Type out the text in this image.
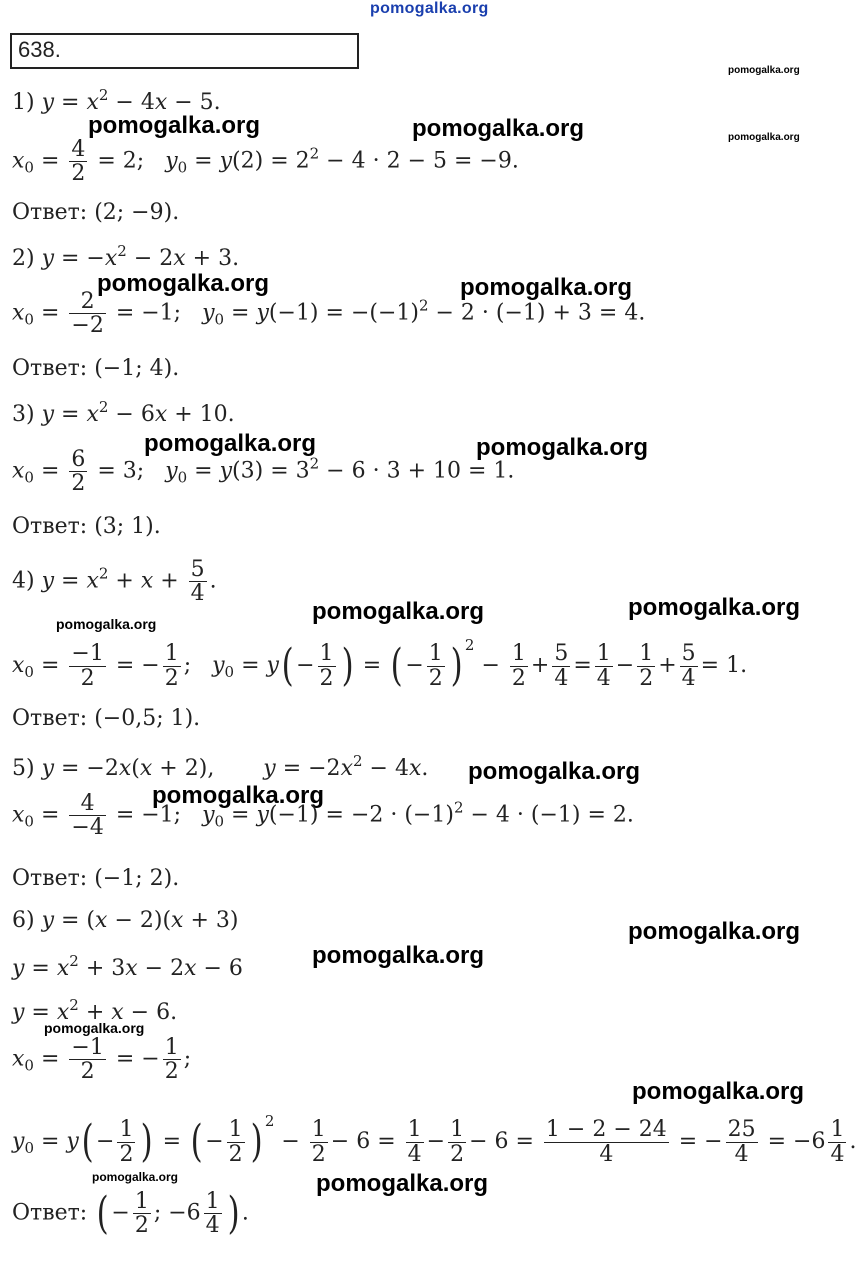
pomogalka.org
638.
pomogalka.org	pomogalka.org
pomogalka.org
pomogalka.org
pomogalka.org	pomogalka.org
pomogalka.org	pomogalka.org
pomogalka.org	pomogalka.org
pomogalka.org
pomogalka.org
pomogalka.org
pomogalka.org
pomogalka.org
pomogalka.org
pomogalka.org
pomogalka.org	pomogalka.org
1) $y = x^2 - 4x - 5$.
$x_0 = \frac{4}{2} = 2$;   $y_0 = y(2) = 2^2 - 4 \cdot 2 - 5 = -9$.
Ответ: (2; −9).
2) $y = -x^2 - 2x + 3$.
$x_0 = \frac{2}{-2} = -1$;   $y_0 = y(-1) = -(-1)^2 - 2 \cdot (-1) + 3 = 4$.
Ответ: (−1; 4).
3) $y = x^2 - 6x + 10$.
$x_0 = \frac{6}{2} = 3$;   $y_0 = y(3) = 3^2 - 6 \cdot 3 + 10 = 1$.
Ответ: (3; 1).
4) $y = x^2 + x + \frac{5}{4}$ .
$x_0 = \frac{-1}{2}$ = − $\frac{1}{2}$ ;   $y_0 = y( - \frac{1}{2}$ ) = ( − $\frac{1}{2}$ ) $^2 - \frac{1}{2} + \frac{5}{4} = \frac{1}{4} - \frac{1}{2} + \frac{5}{4} = 1$.
Ответ: (−0,5; 1).
5) y = −2x(x + 2),       $y = -2x^2 - 4x$.
$x_0 = \frac{4}{-4} = -1$;   $y_0 = y(-1) = -2 \cdot (-1)^2 - 4 \cdot (-1) = 2$.
Ответ: (−1; 2).
6) y = (x − 2)(x + 3)
$y = x^2 + 3x - 2x - 6$
$y = x^2 + x - 6$.
$x_0 = \frac{-1}{2}$ = − $\frac{1}{2}$ ;
$y_0 = y( - \frac{1}{2}$ ) = ( − $\frac{1}{2}$ ) $^2 - \frac{1}{2} - 6 = \frac{1}{4} - \frac{1}{2} - 6 = \frac{1 - 2 - 24}{4}$ = − $\frac{25}{4} = -6 \frac{1}{4}$ .
Ответ: ( − $\frac{1}{2}$ ; $-6 \frac{1}{4}$ ) .
